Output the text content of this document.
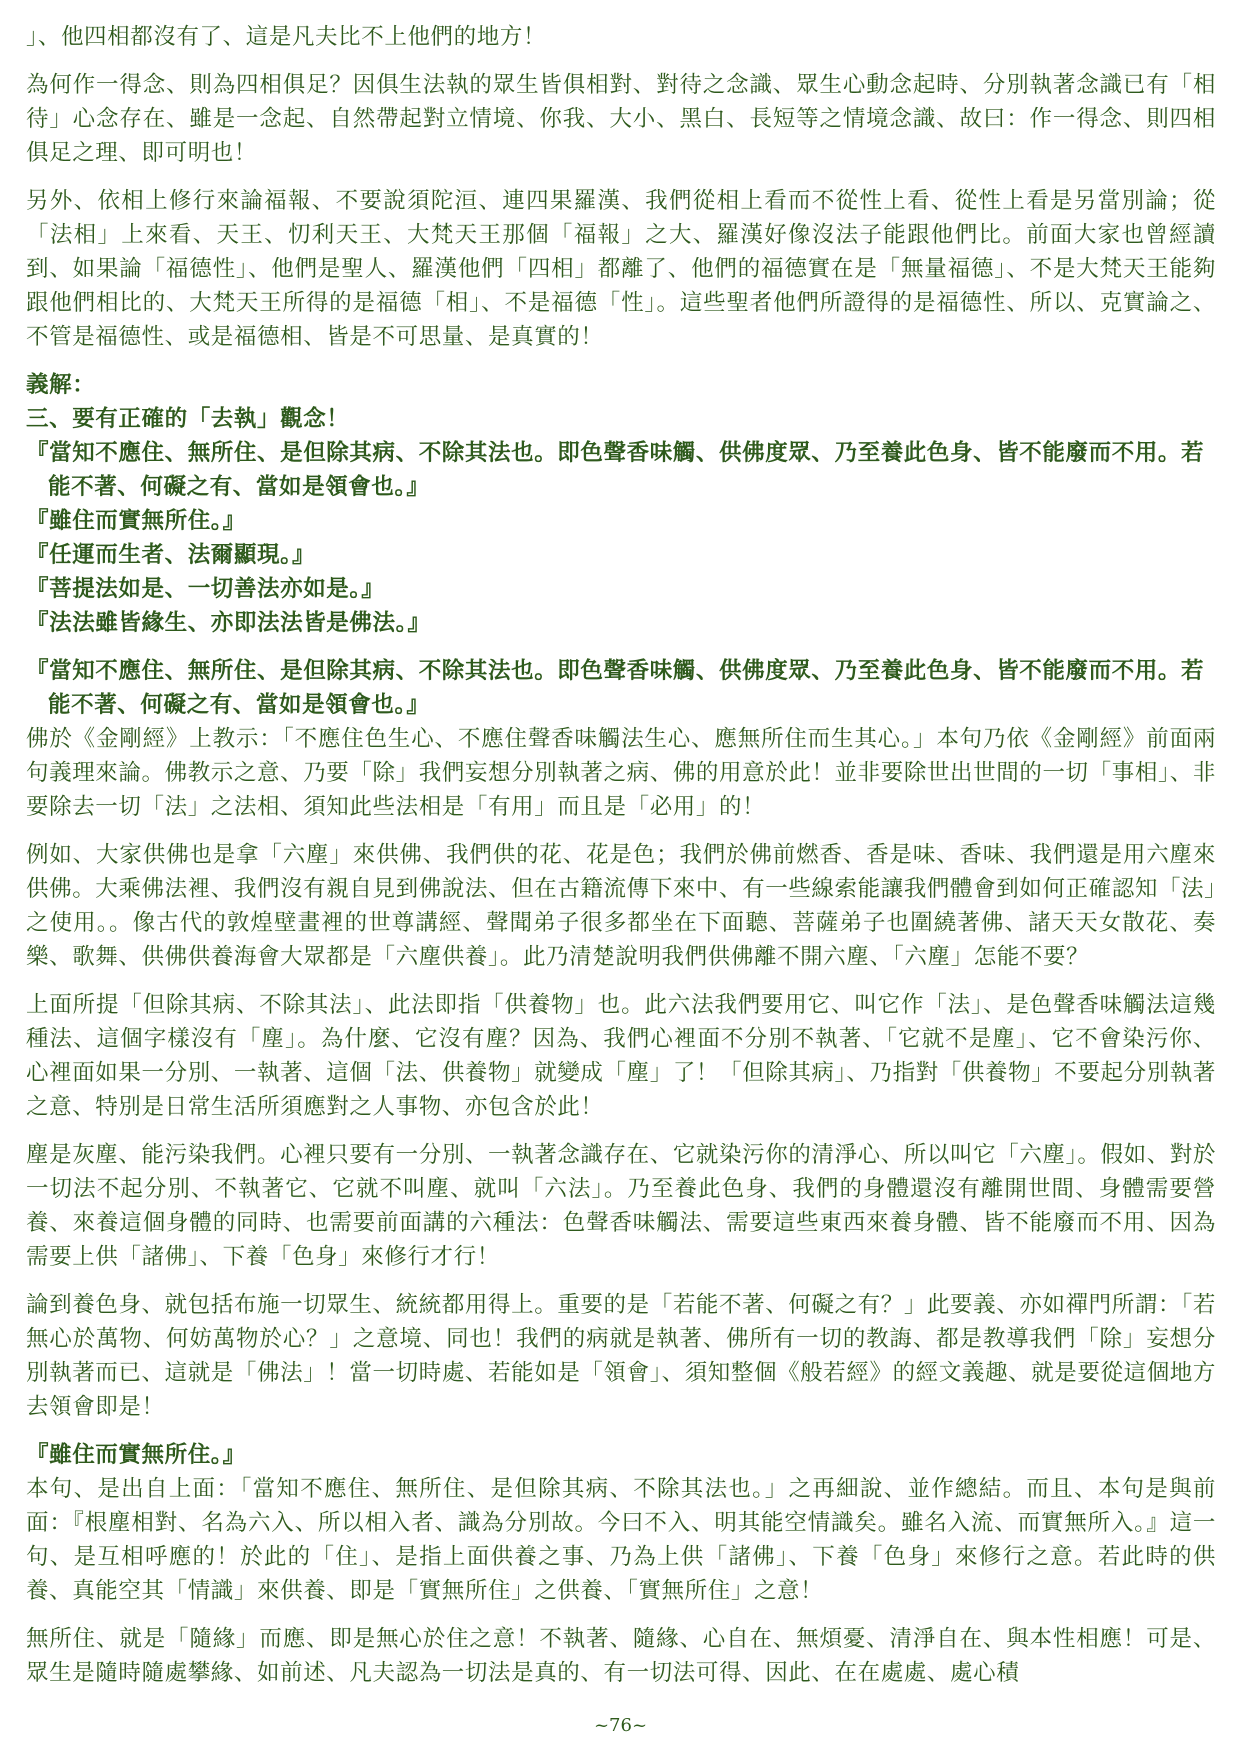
」、他四相都沒有了、這是凡夫比不上他們的地方！

為何作一得念、則為四相俱足？因俱生法執的眾生皆俱相對、對待之念識、眾生心動念起時、分別執著念識已有「相待」心念存在、雖是一念起、自然帶起對立情境、你我、大小、黑白、長短等之情境念識、故曰：作一得念、則四相俱足之理、即可明也！

另外、依相上修行來論福報、不要說須陀洹、連四果羅漢、我們從相上看而不從性上看、從性上看是另當別論；從「法相」上來看、天王、忉利天王、大梵天王那個「福報」之大、羅漢好像沒法子能跟他們比。前面大家也曾經讀到、如果論「福德性」、他們是聖人、羅漢他們「四相」都離了、他們的福德實在是「無量福德」、不是大梵天王能夠跟他們相比的、大梵天王所得的是福德「相」、不是福德「性」。這些聖者他們所證得的是福德性、所以、克實論之、不管是福德性、或是福德相、皆是不可思量、是真實的！

義解：

三、要有正確的「去執」觀念！

『當知不應住、無所住、是但除其病、不除其法也。即色聲香味觸、供佛度眾、乃至養此色身、皆不能廢而不用。若能不著、何礙之有、當如是領會也。』

『雖住而實無所住。』

『任運而生者、法爾顯現。』

『菩提法如是、一切善法亦如是。』

『法法雖皆緣生、亦即法法皆是佛法。』

『當知不應住、無所住、是但除其病、不除其法也。即色聲香味觸、供佛度眾、乃至養此色身、皆不能廢而不用。若能不著、何礙之有、當如是領會也。』

佛於《金剛經》上教示：「不應住色生心、不應住聲香味觸法生心、應無所住而生其心。」本句乃依《金剛經》前面兩句義理來論。佛教示之意、乃要「除」我們妄想分別執著之病、佛的用意於此！並非要除世出世間的一切「事相」、非要除去一切「法」之法相、須知此些法相是「有用」而且是「必用」的！

例如、大家供佛也是拿「六塵」來供佛、我們供的花、花是色；我們於佛前燃香、香是味、香味、我們還是用六塵來供佛。大乘佛法裡、我們沒有親自見到佛說法、但在古籍流傳下來中、有一些線索能讓我們體會到如何正確認知「法」之使用。。像古代的敦煌壁畫裡的世尊講經、聲聞弟子很多都坐在下面聽、菩薩弟子也圍繞著佛、諸天天女散花、奏樂、歌舞、供佛供養海會大眾都是「六塵供養」。此乃清楚說明我們供佛離不開六塵、「六塵」怎能不要？

上面所提「但除其病、不除其法」、此法即指「供養物」也。此六法我們要用它、叫它作「法」、是色聲香味觸法這幾種法、這個字樣沒有「塵」。為什麼、它沒有塵？因為、我們心裡面不分別不執著、「它就不是塵」、它不會染污你、心裡面如果一分別、一執著、這個「法、供養物」就變成「塵」了！「但除其病」、乃指對「供養物」不要起分別執著之意、特別是日常生活所須應對之人事物、亦包含於此！

塵是灰塵、能污染我們。心裡只要有一分別、一執著念識存在、它就染污你的清淨心、所以叫它「六塵」。假如、對於一切法不起分別、不執著它、它就不叫塵、就叫「六法」。乃至養此色身、我們的身體還沒有離開世間、身體需要營養、來養這個身體的同時、也需要前面講的六種法：色聲香味觸法、需要這些東西來養身體、皆不能廢而不用、因為需要上供「諸佛」、下養「色身」來修行才行！

論到養色身、就包括布施一切眾生、統統都用得上。重要的是「若能不著、何礙之有？」此要義、亦如禪門所謂：「若無心於萬物、何妨萬物於心？」之意境、同也！我們的病就是執著、佛所有一切的教誨、都是教導我們「除」妄想分別執著而已、這就是「佛法」！當一切時處、若能如是「領會」、須知整個《般若經》的經文義趣、就是要從這個地方去領會即是！

『雖住而實無所住。』

本句、是出自上面：「當知不應住、無所住、是但除其病、不除其法也。」之再細說、並作總結。而且、本句是與前面：『根塵相對、名為六入、所以相入者、識為分別故。今曰不入、明其能空情識矣。雖名入流、而實無所入。』這一句、是互相呼應的！於此的「住」、是指上面供養之事、乃為上供「諸佛」、下養「色身」來修行之意。若此時的供養、真能空其「情識」來供養、即是「實無所住」之供養、「實無所住」之意！

無所住、就是「隨緣」而應、即是無心於住之意！不執著、隨緣、心自在、無煩憂、清淨自在、與本性相應！可是、眾生是隨時隨處攀緣、如前述、凡夫認為一切法是真的、有一切法可得、因此、在在處處、處心積

~76~
